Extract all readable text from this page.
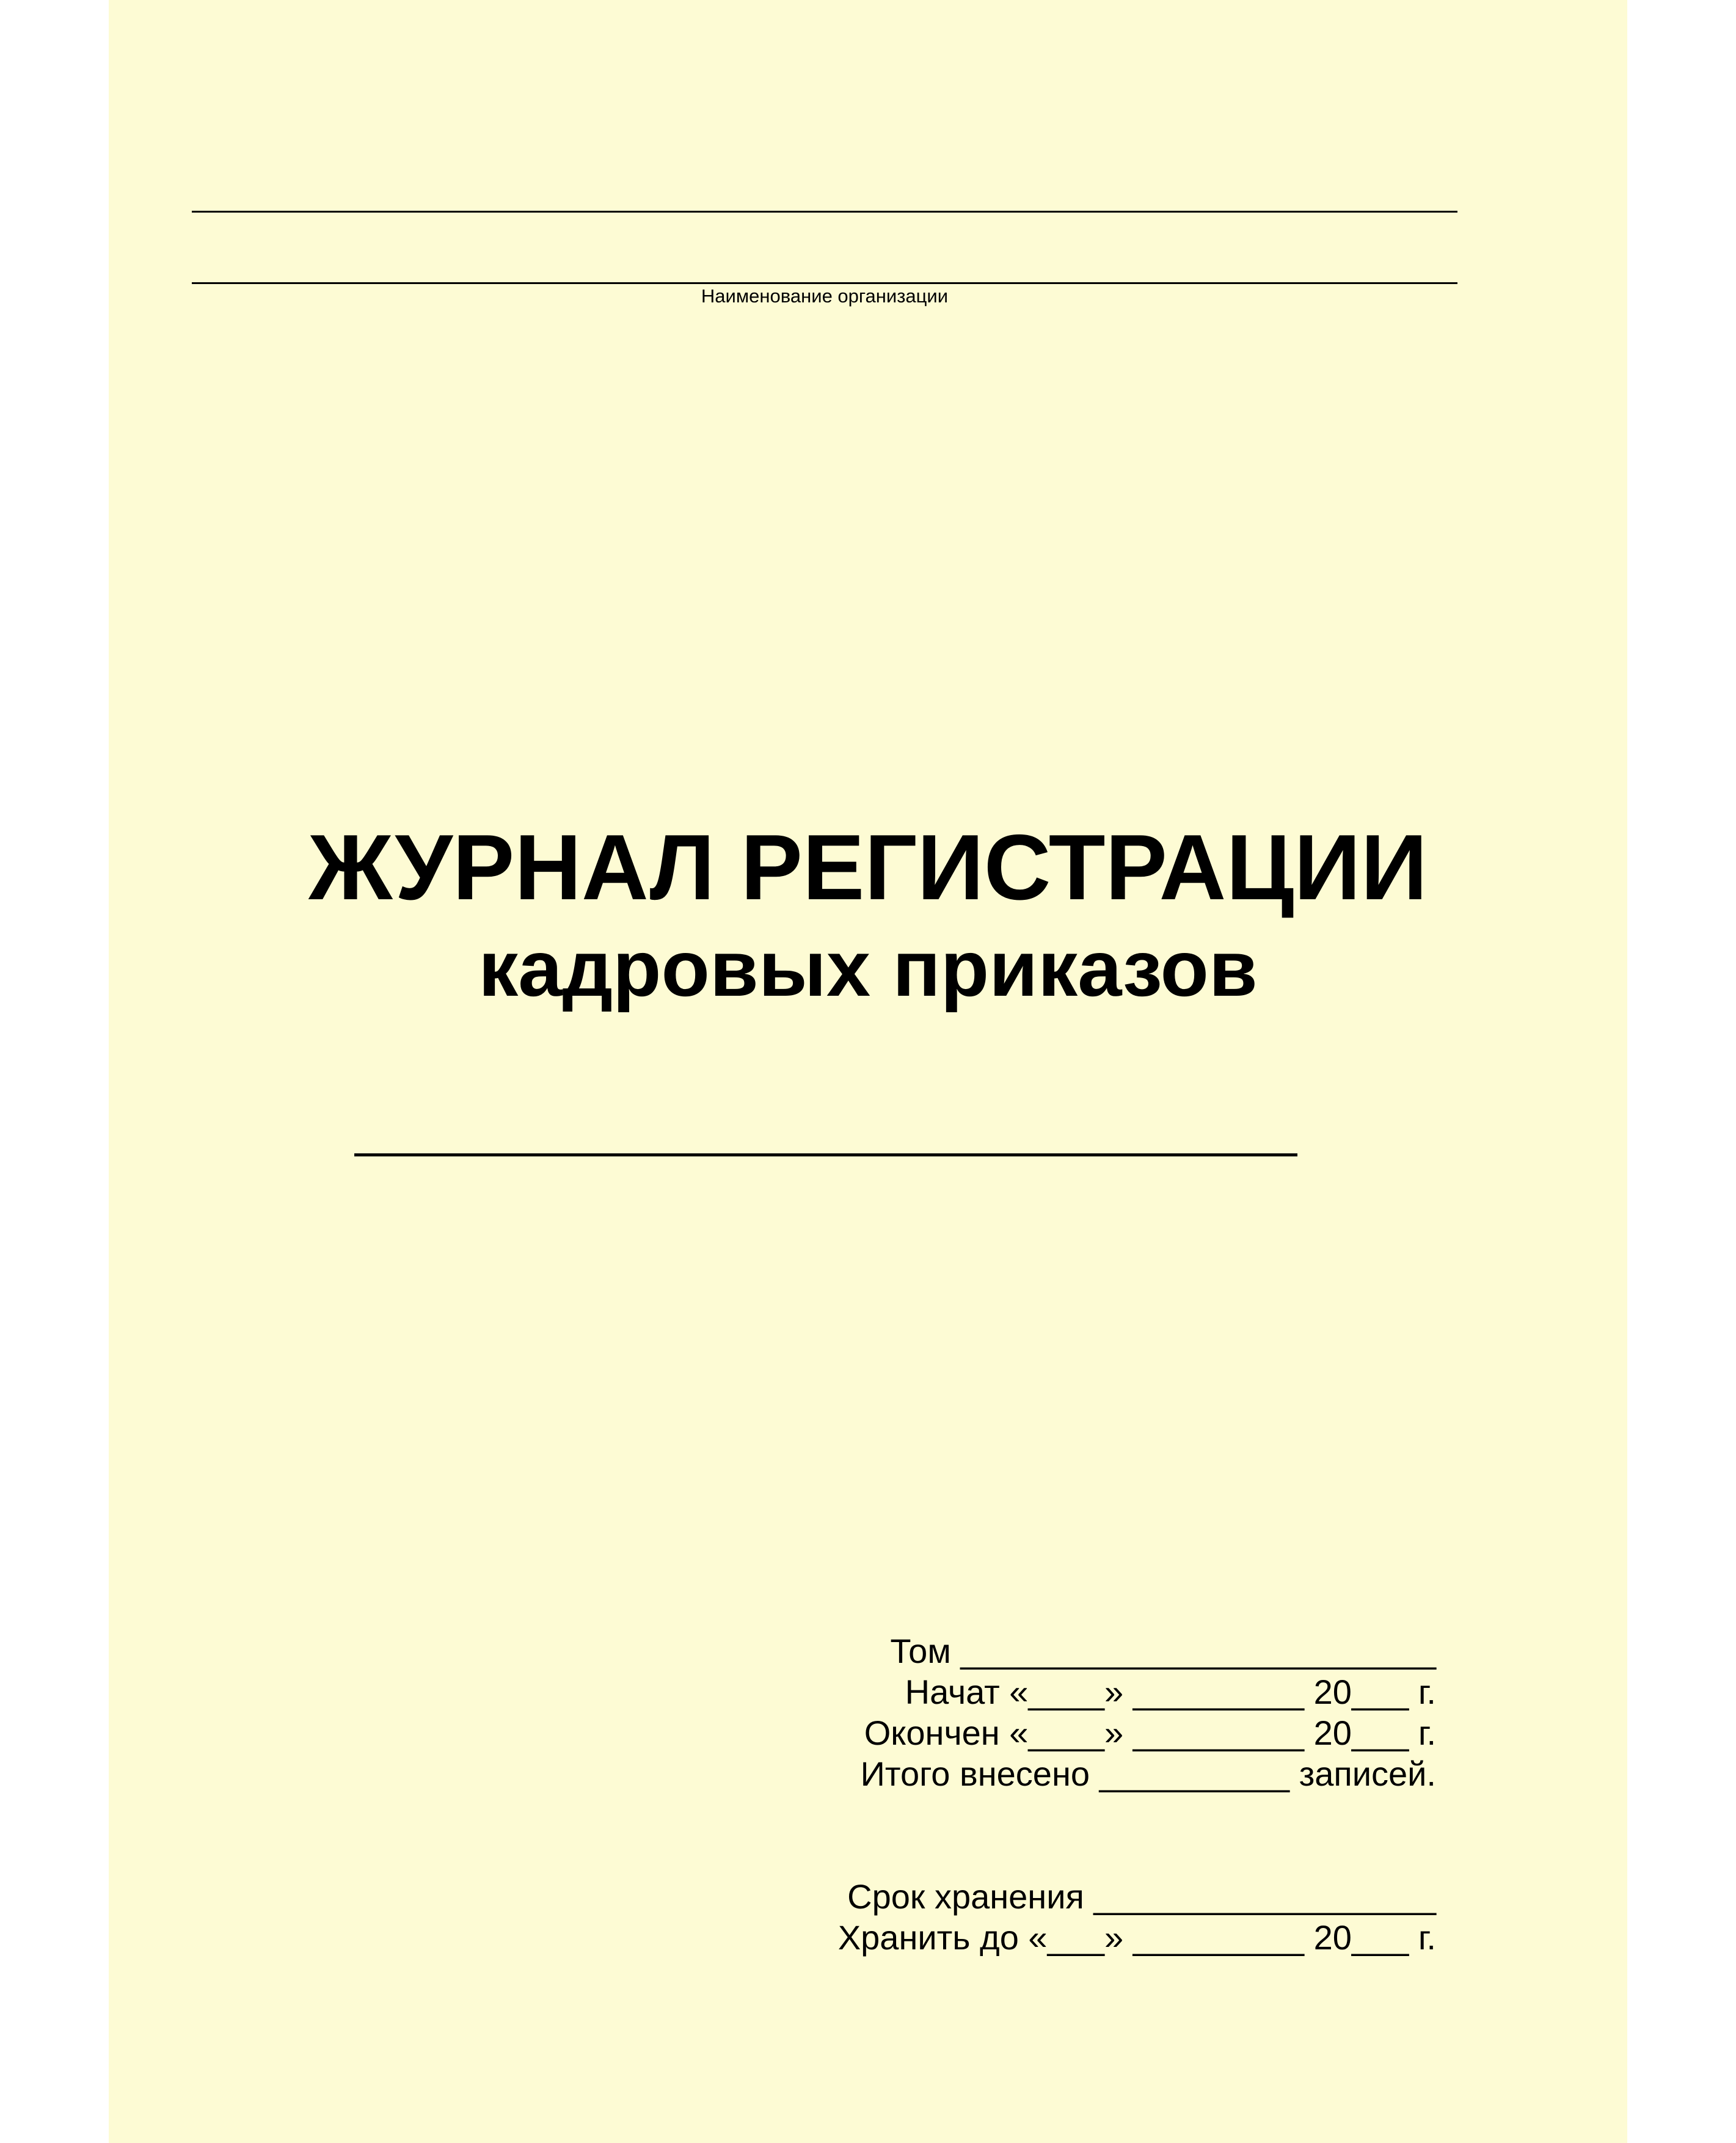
Наименование организации
ЖУРНАЛ РЕГИСТРАЦИИ
кадровых приказов
Том _________________________
Начат «____» _________ 20___ г.
Окончен «____» _________ 20___ г.
Итого внесено __________ записей.
Срок хранения __________________
Хранить до «___» _________ 20___ г.
